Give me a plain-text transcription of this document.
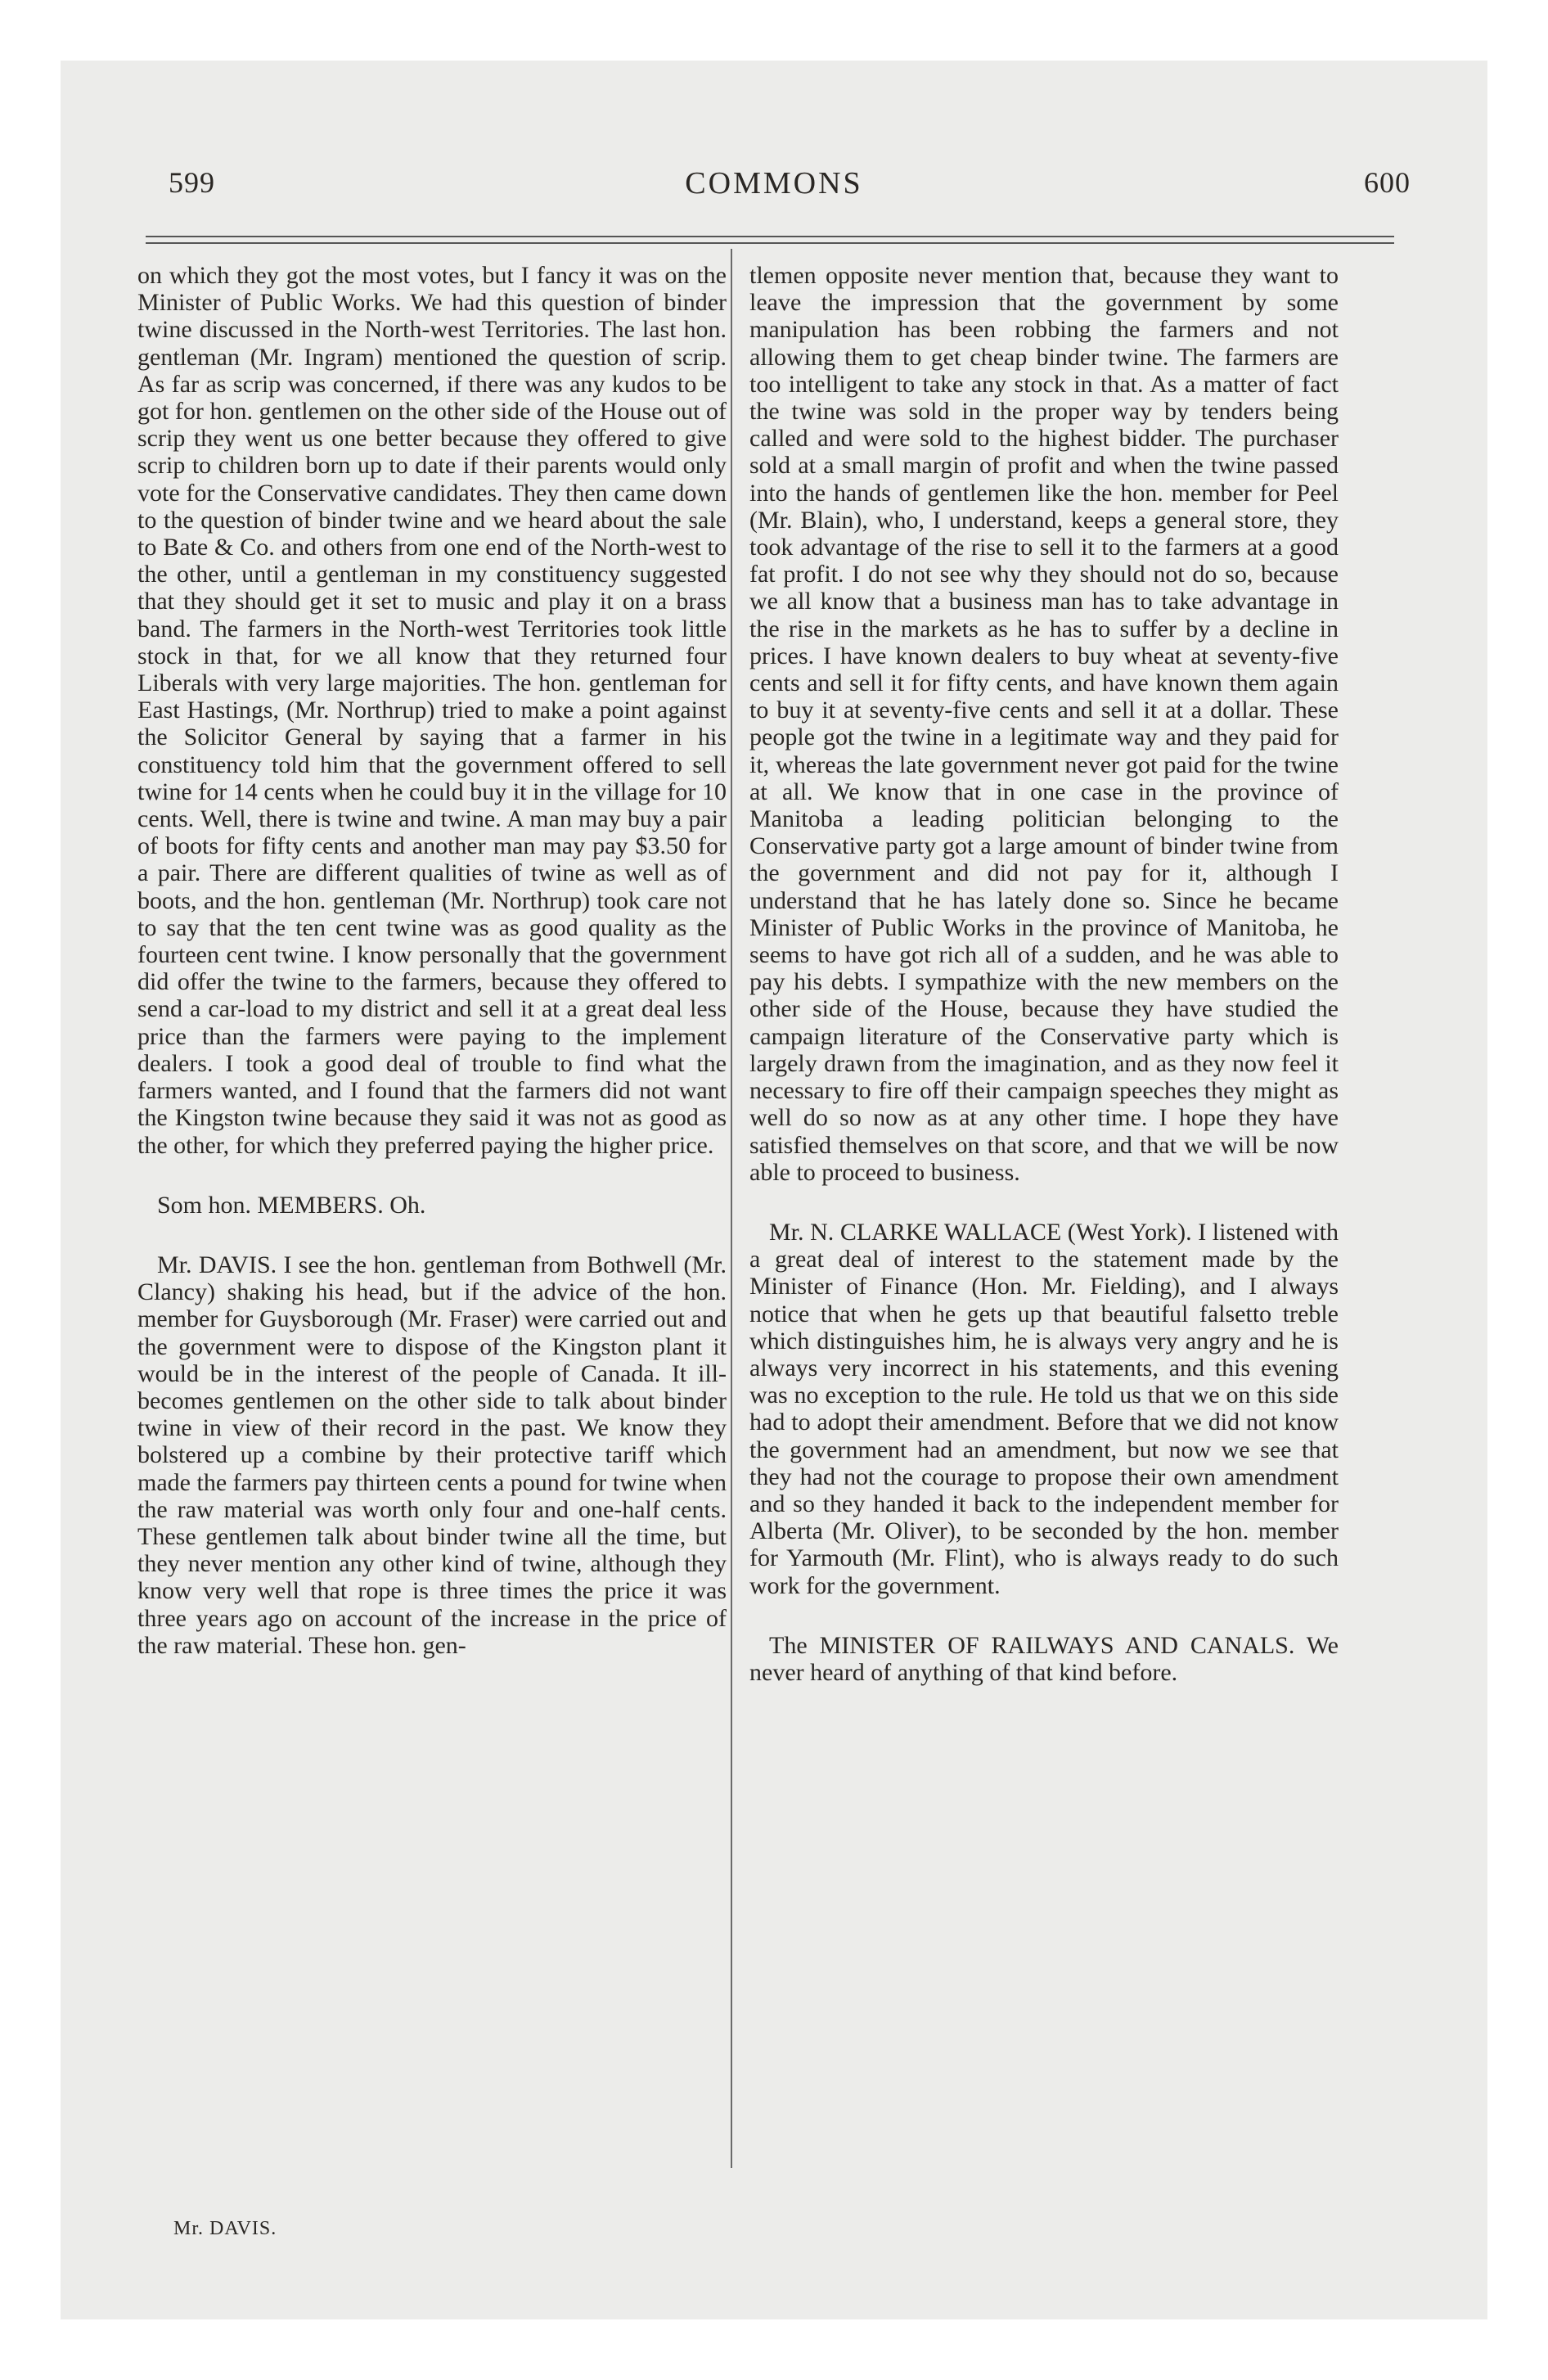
599	COMMONS	600

on which they got the most votes, but I fancy it was on the Minister of Public Works. We had this question of binder twine discussed in the North-west Territories. The last hon. gentleman (Mr. Ingram) mentioned the question of scrip. As far as scrip was concerned, if there was any kudos to be got for hon. gentlemen on the other side of the House out of scrip they went us one better because they offered to give scrip to children born up to date if their parents would only vote for the Conservative candidates. They then came down to the question of binder twine and we heard about the sale to Bate & Co. and others from one end of the North-west to the other, until a gentleman in my constituency suggested that they should get it set to music and play it on a brass band. The farmers in the North-west Territories took little stock in that, for we all know that they returned four Liberals with very large majorities. The hon. gentleman for East Hastings, (Mr. Northrup) tried to make a point against the Solicitor General by saying that a farmer in his constituency told him that the government offered to sell twine for 14 cents when he could buy it in the village for 10 cents. Well, there is twine and twine. A man may buy a pair of boots for fifty cents and another man may pay $3.50 for a pair. There are different qualities of twine as well as of boots, and the hon. gentleman (Mr. Northrup) took care not to say that the ten cent twine was as good quality as the fourteen cent twine. I know personally that the government did offer the twine to the farmers, because they offered to send a car-load to my district and sell it at a great deal less price than the farmers were paying to the implement dealers. I took a good deal of trouble to find what the farmers wanted, and I found that the farmers did not want the Kingston twine because they said it was not as good as the other, for which they preferred paying the higher price.

Som hon. MEMBERS. Oh.

Mr. DAVIS. I see the hon. gentleman from Bothwell (Mr. Clancy) shaking his head, but if the advice of the hon. member for Guysborough (Mr. Fraser) were carried out and the government were to dispose of the Kingston plant it would be in the interest of the people of Canada. It ill-becomes gentlemen on the other side to talk about binder twine in view of their record in the past. We know they bolstered up a combine by their protective tariff which made the farmers pay thirteen cents a pound for twine when the raw material was worth only four and one-half cents. These gentlemen talk about binder twine all the time, but they never mention any other kind of twine, although they know very well that rope is three times the price it was three years ago on account of the increase in the price of the raw material. These hon. gen-

tlemen opposite never mention that, because they want to leave the impression that the government by some manipulation has been robbing the farmers and not allowing them to get cheap binder twine. The farmers are too intelligent to take any stock in that. As a matter of fact the twine was sold in the proper way by tenders being called and were sold to the highest bidder. The purchaser sold at a small margin of profit and when the twine passed into the hands of gentlemen like the hon. member for Peel (Mr. Blain), who, I understand, keeps a general store, they took advantage of the rise to sell it to the farmers at a good fat profit. I do not see why they should not do so, because we all know that a business man has to take advantage in the rise in the markets as he has to suffer by a decline in prices. I have known dealers to buy wheat at seventy-five cents and sell it for fifty cents, and have known them again to buy it at seventy-five cents and sell it at a dollar. These people got the twine in a legitimate way and they paid for it, whereas the late government never got paid for the twine at all. We know that in one case in the province of Manitoba a leading politician belonging to the Conservative party got a large amount of binder twine from the government and did not pay for it, although I understand that he has lately done so. Since he became Minister of Public Works in the province of Manitoba, he seems to have got rich all of a sudden, and he was able to pay his debts. I sympathize with the new members on the other side of the House, because they have studied the campaign literature of the Conservative party which is largely drawn from the imagination, and as they now feel it necessary to fire off their campaign speeches they might as well do so now as at any other time. I hope they have satisfied themselves on that score, and that we will be now able to proceed to business.

Mr. N. CLARKE WALLACE (West York). I listened with a great deal of interest to the statement made by the Minister of Finance (Hon. Mr. Fielding), and I always notice that when he gets up that beautiful falsetto treble which distinguishes him, he is always very angry and he is always very incorrect in his statements, and this evening was no exception to the rule. He told us that we on this side had to adopt their amendment. Before that we did not know the government had an amendment, but now we see that they had not the courage to propose their own amendment and so they handed it back to the independent member for Alberta (Mr. Oliver), to be seconded by the hon. member for Yarmouth (Mr. Flint), who is always ready to do such work for the government.

The MINISTER OF RAILWAYS AND CANALS. We never heard of anything of that kind before.

Mr. DAVIS.
